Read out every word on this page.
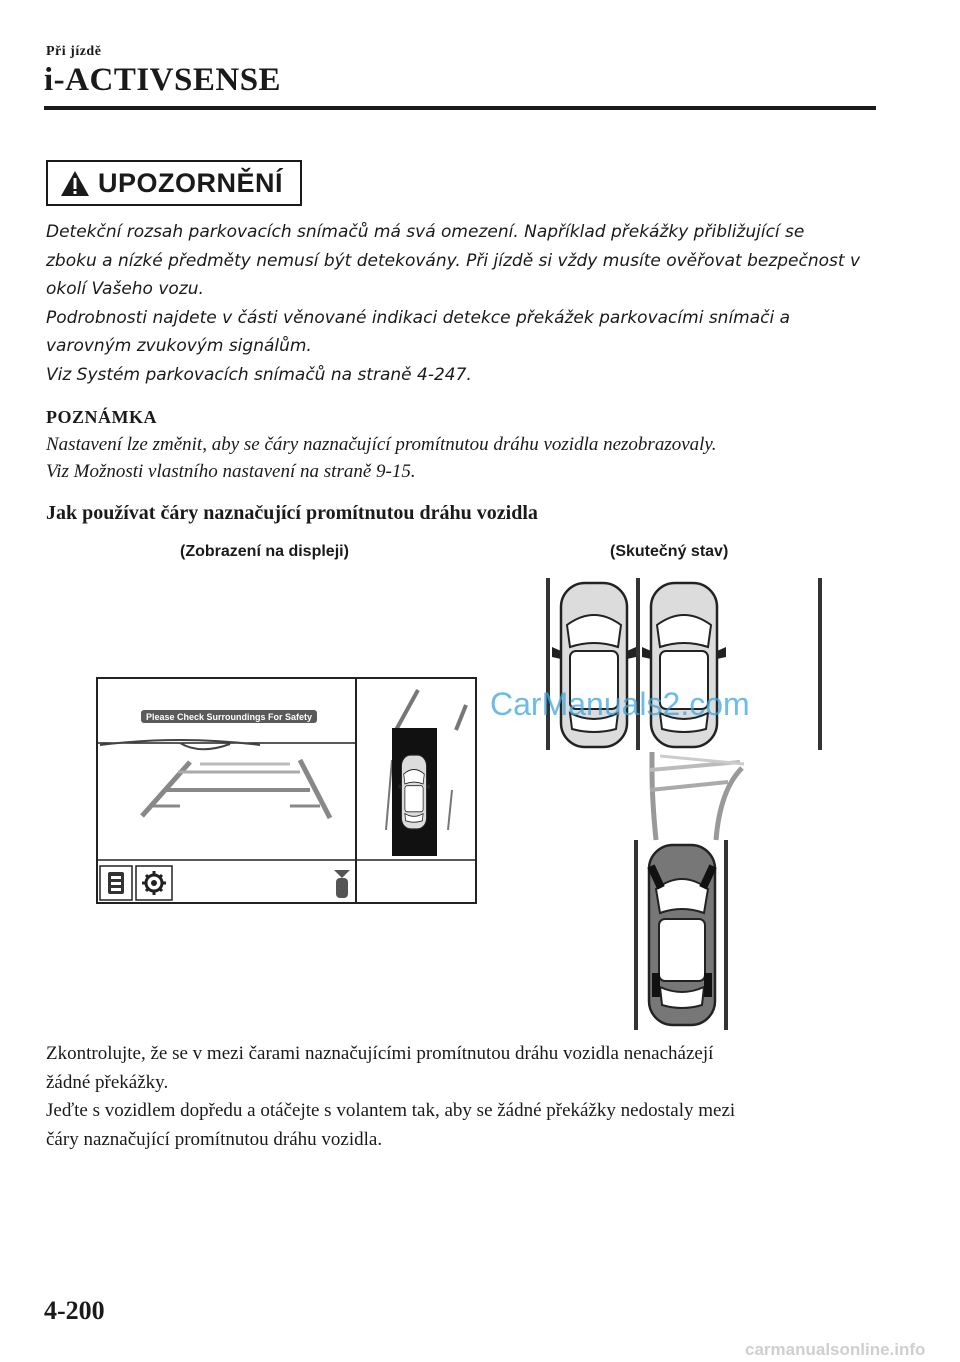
Při jízdě
i-ACTIVSENSE
UPOZORNĚNÍ

Detekční rozsah parkovacích snímačů má svá omezení. Například překážky přibližující se

zboku a nízké předměty nemusí být detekovány. Při jízdě si vždy musíte ověřovat bezpečnost v

okolí Vašeho vozu.

Podrobnosti najdete v části věnované indikaci detekce překážek parkovacími snímači a

varovným zvukovým signálům.

Viz Systém parkovacích snímačů na straně 4-247.

POZNÁMKA

Nastavení lze změnit, aby se čáry naznačující promítnutou dráhu vozidla nezobrazovaly.

Viz Možnosti vlastního nastavení na straně 9-15.

Jak používat čáry naznačující promítnutou dráhu vozidla
(Zobrazení na displeji)	(Skutečný stav)
Please Check Surroundings For Safety	CarManuals2.com

Zkontrolujte, že se v mezi čarami naznačujícími promítnutou dráhu vozidla nenacházejí

žádné překážky.

Jeďte s vozidlem dopředu a otáčejte s volantem tak, aby se žádné překážky nedostaly mezi

čáry naznačující promítnutou dráhu vozidla.

4-200
carmanualsonline.info
